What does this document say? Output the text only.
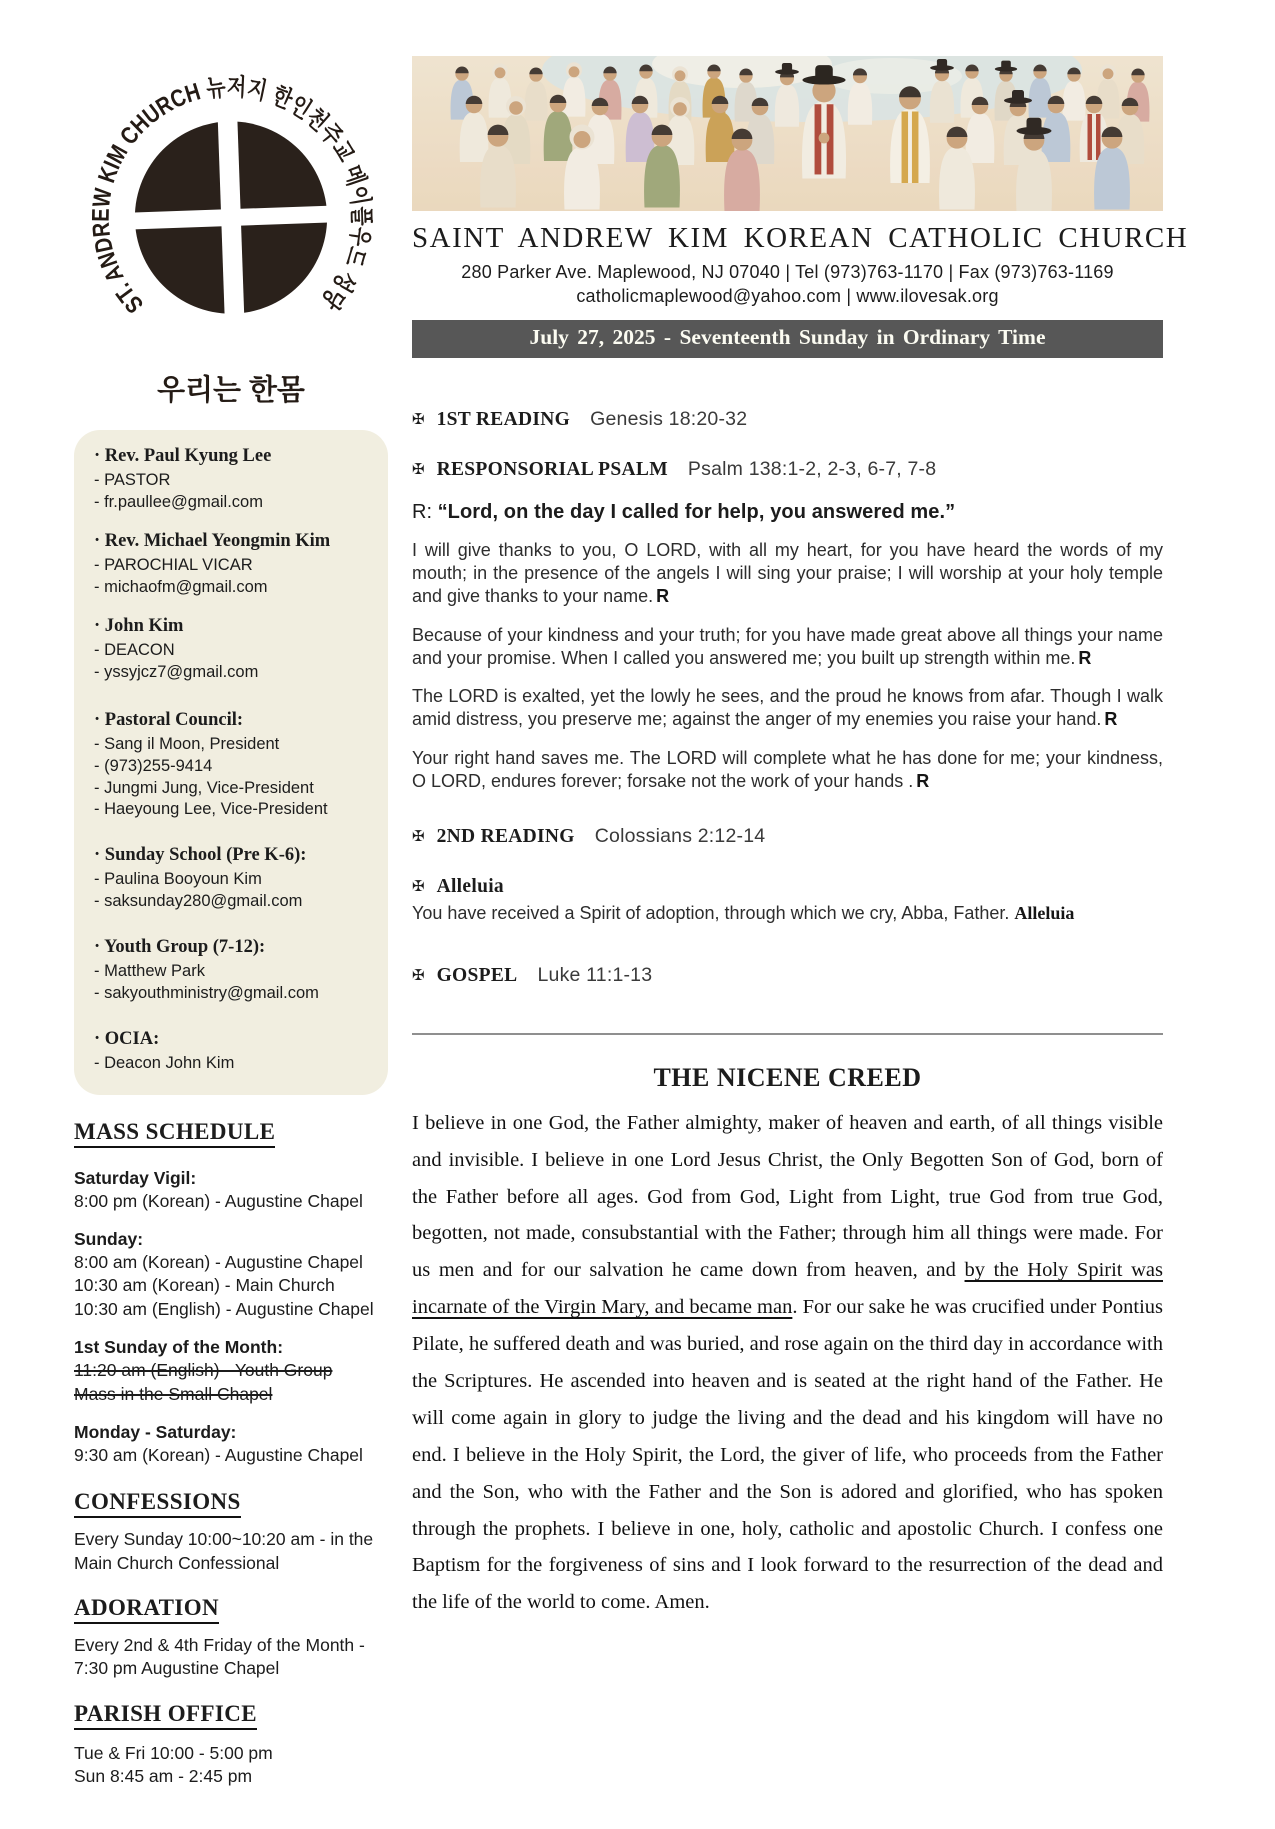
ST. ANDREW KIM CHURCH 뉴저지 한인천주교 메이플우드 성당
우리는 한몸
· Rev. Paul Kyung Lee
- PASTOR
- fr.paullee@gmail.com
· Rev. Michael Yeongmin Kim
- PAROCHIAL VICAR
- michaofm@gmail.com
· John Kim
- DEACON
- yssyjcz7@gmail.com
· Pastoral Council:
- Sang il Moon, President
- (973)255-9414
- Jungmi Jung, Vice-President
- Haeyoung Lee, Vice-President
· Sunday School (Pre K-6):
- Paulina Booyoun Kim
- saksunday280@gmail.com
· Youth Group (7-12):
- Matthew Park
- sakyouthministry@gmail.com
· OCIA:
- Deacon John Kim
MASS SCHEDULE
Saturday Vigil:
8:00 pm (Korean) - Augustine Chapel
Sunday:
8:00 am (Korean) - Augustine Chapel
10:30 am (Korean) - Main Church
10:30 am (English) - Augustine Chapel
1st Sunday of the Month:
11:20 am (English) - Youth Group
Mass in the Small Chapel
Monday - Saturday:
9:30 am (Korean) - Augustine Chapel
CONFESSIONS
Every Sunday 10:00~10:20 am - in the Main Church Confessional
ADORATION
Every 2nd & 4th Friday of the Month - 7:30 pm Augustine Chapel
PARISH OFFICE
Tue & Fri 10:00 - 5:00 pm
Sun 8:45 am - 2:45 pm
SAINT ANDREW KIM KOREAN CATHOLIC CHURCH
280 Parker Ave. Maplewood, NJ 07040 | Tel (973)763-1170 | Fax (973)763-1169
catholicmaplewood@yahoo.com | www.ilovesak.org
July 27, 2025 - Seventeenth Sunday in Ordinary Time
✠ 1ST READING Genesis 18:20-32
✠ RESPONSORIAL PSALM Psalm 138:1-2, 2-3, 6-7, 7-8
R: “Lord, on the day I called for help, you answered me.”

I will give thanks to you, O LORD, with all my heart, for you have heard the words of my mouth; in the presence of the angels I will sing your praise; I will worship at your holy temple and give thanks to your name. R

Because of your kindness and your truth; for you have made great above all things your name and your promise. When I called you answered me; you built up strength within me. R

The LORD is exalted, yet the lowly he sees, and the proud he knows from afar. Though I walk amid distress, you preserve me; against the anger of my enemies you raise your hand. R

Your right hand saves me. The LORD will complete what he has done for me; your kindness, O LORD, endures forever; forsake not the work of your hands . R

✠ 2ND READING Colossians 2:12-14
✠ Alleluia

You have received a Spirit of adoption, through which we cry, Abba, Father. Alleluia

✠ GOSPEL Luke 11:1-13
THE NICENE CREED
I believe in one God, the Father almighty, maker of heaven and earth, of all things visible and invisible. I believe in one Lord Jesus Christ, the Only Begotten Son of God, born of the Father before all ages. God from God, Light from Light, true God from true God, begotten, not made, consubstantial with the Father; through him all things were made. For us men and for our salvation he came down from heaven, and by the Holy Spirit was incarnate of the Virgin Mary, and became man. For our sake he was crucified under Pontius Pilate, he suffered death and was buried, and rose again on the third day in accordance with the Scriptures. He ascended into heaven and is seated at the right hand of the Father. He will come again in glory to judge the living and the dead and his kingdom will have no end. I believe in the Holy Spirit, the Lord, the giver of life, who proceeds from the Father and the Son, who with the Father and the Son is adored and glorified, who has spoken through the prophets. I believe in one, holy, catholic and apostolic Church. I confess one Baptism for the forgiveness of sins and I look forward to the resurrection of the dead and the life of the world to come. Amen.
